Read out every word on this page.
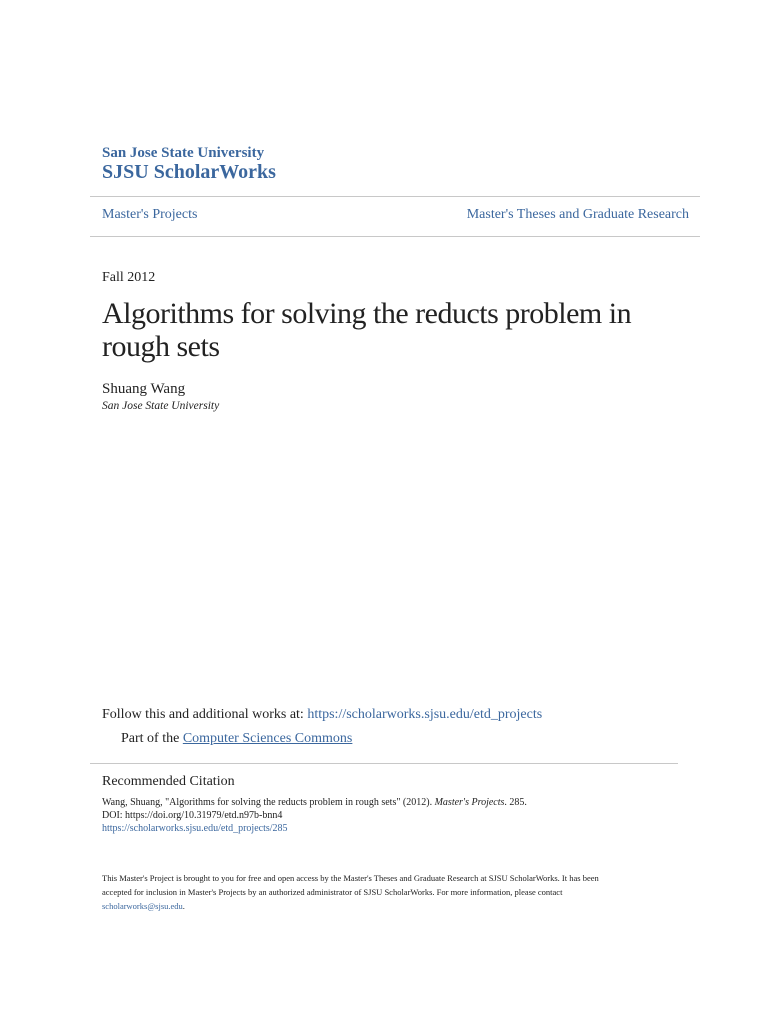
San Jose State University
SJSU ScholarWorks
Master's Projects	Master's Theses and Graduate Research
Fall 2012
Algorithms for solving the reducts problem in rough sets
Shuang Wang
San Jose State University
Follow this and additional works at: https://scholarworks.sjsu.edu/etd_projects
Part of the Computer Sciences Commons
Recommended Citation
Wang, Shuang, "Algorithms for solving the reducts problem in rough sets" (2012). Master's Projects. 285.
DOI: https://doi.org/10.31979/etd.n97b-bnn4
https://scholarworks.sjsu.edu/etd_projects/285
This Master's Project is brought to you for free and open access by the Master's Theses and Graduate Research at SJSU ScholarWorks. It has been
accepted for inclusion in Master's Projects by an authorized administrator of SJSU ScholarWorks. For more information, please contact
scholarworks@sjsu.edu.
